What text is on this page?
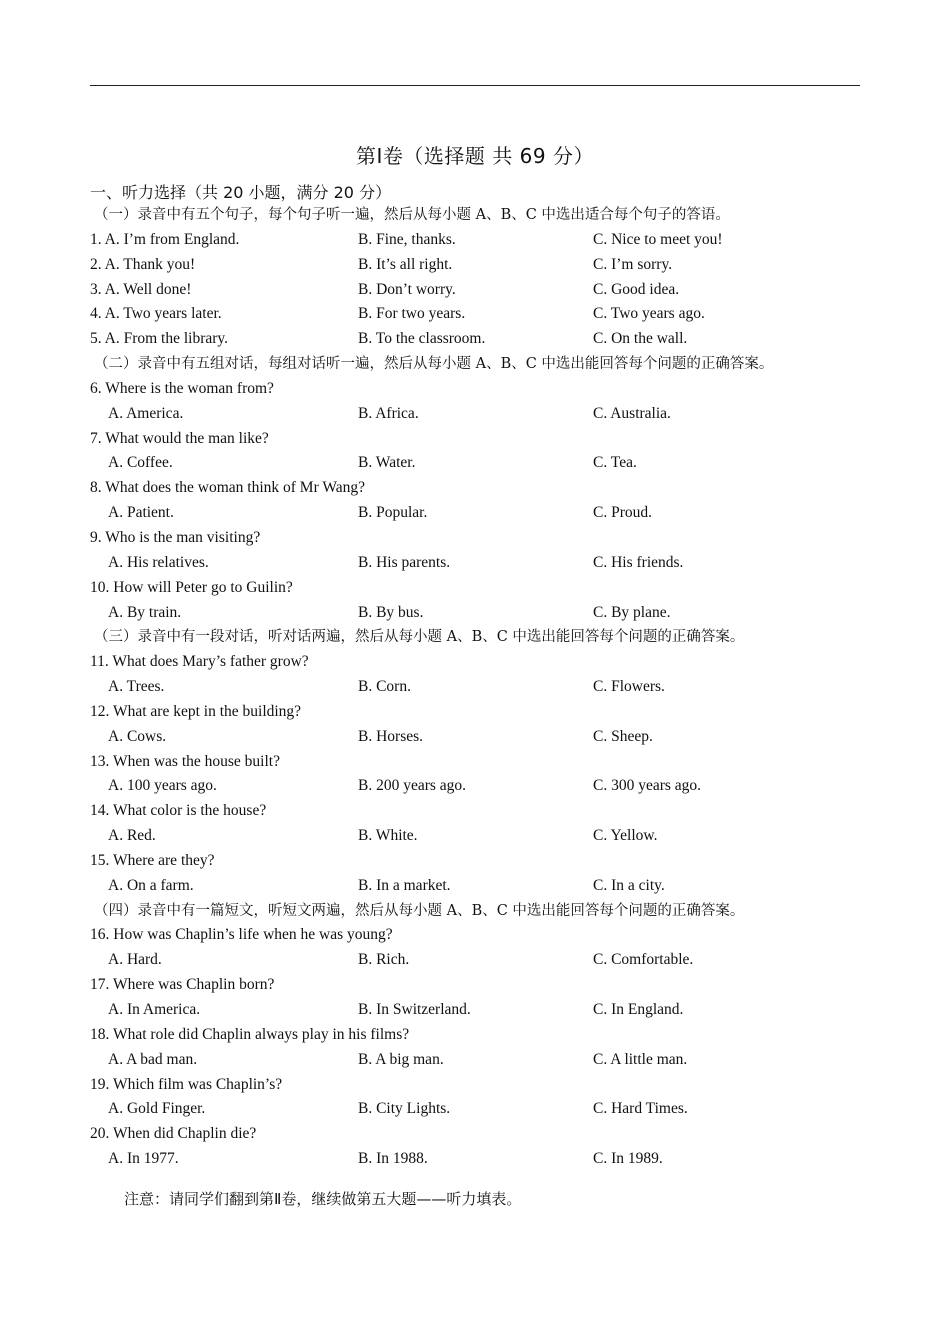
第Ⅰ卷（选择题 共 69 分）
一、听力选择（共 20 小题，满分 20 分）
（一）录音中有五个句子，每个句子听一遍，然后从每小题 A、B、C 中选出适合每个句子的答语。
1. A. I’m from England.	B. Fine, thanks.	C. Nice to meet you!
2. A. Thank you!	B. It’s all right.	C. I’m sorry.
3. A. Well done!	B. Don’t worry.	C. Good idea.
4. A. Two years later.	B. For two years.	C. Two years ago.
5. A. From the library.	B. To the classroom.	C. On the wall.
（二）录音中有五组对话，每组对话听一遍，然后从每小题 A、B、C 中选出能回答每个问题的正确答案。
6. Where is the woman from?
A. America.	B. Africa.	C. Australia.
7. What would the man like?
A. Coffee.	B. Water.	C. Tea.
8. What does the woman think of Mr Wang?
A. Patient.	B. Popular.	C. Proud.
9. Who is the man visiting?
A. His relatives.	B. His parents.	C. His friends.
10. How will Peter go to Guilin?
A. By train.	B. By bus.	C. By plane.
（三）录音中有一段对话，听对话两遍，然后从每小题 A、B、C 中选出能回答每个问题的正确答案。
11. What does Mary’s father grow?
A. Trees.	B. Corn.	C. Flowers.
12. What are kept in the building?
A. Cows.	B. Horses.	C. Sheep.
13. When was the house built?
A. 100 years ago.	B. 200 years ago.	C. 300 years ago.
14. What color is the house?
A. Red.	B. White.	C. Yellow.
15. Where are they?
A. On a farm.	B. In a market.	C. In a city.
（四）录音中有一篇短文，听短文两遍，然后从每小题 A、B、C 中选出能回答每个问题的正确答案。
16. How was Chaplin’s life when he was young?
A. Hard.	B. Rich.	C. Comfortable.
17. Where was Chaplin born?
A. In America.	B. In Switzerland.	C. In England.
18. What role did Chaplin always play in his films?
A. A bad man.	B. A big man.	C. A little man.
19. Which film was Chaplin’s?
A. Gold Finger.	B. City Lights.	C. Hard Times.
20. When did Chaplin die?
A. In 1977.	B. In 1988.	C. In 1989.
注意：请同学们翻到第Ⅱ卷，继续做第五大题——听力填表。
